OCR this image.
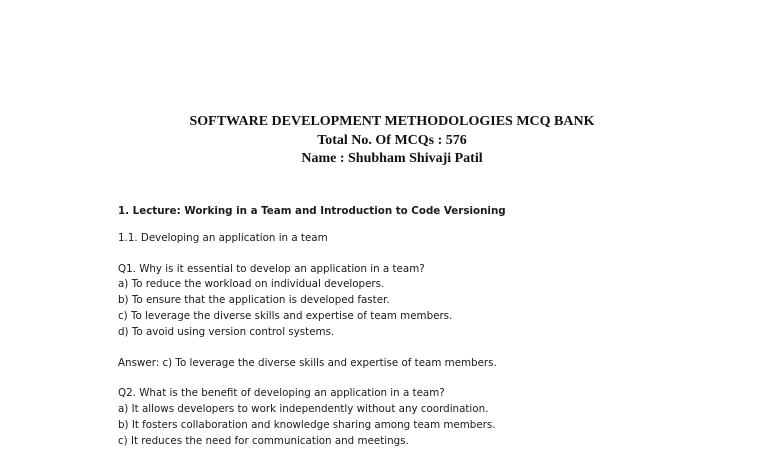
SOFTWARE DEVELOPMENT METHODOLOGIES MCQ BANK
Total No. Of MCQs : 576
Name : Shubham Shivaji Patil
1. Lecture: Working in a Team and Introduction to Code Versioning
1.1. Developing an application in a team
Q1. Why is it essential to develop an application in a team?
a) To reduce the workload on individual developers.
b) To ensure that the application is developed faster.
c) To leverage the diverse skills and expertise of team members.
d) To avoid using version control systems.
Answer: c) To leverage the diverse skills and expertise of team members.
Q2. What is the benefit of developing an application in a team?
a) It allows developers to work independently without any coordination.
b) It fosters collaboration and knowledge sharing among team members.
c) It reduces the need for communication and meetings.
